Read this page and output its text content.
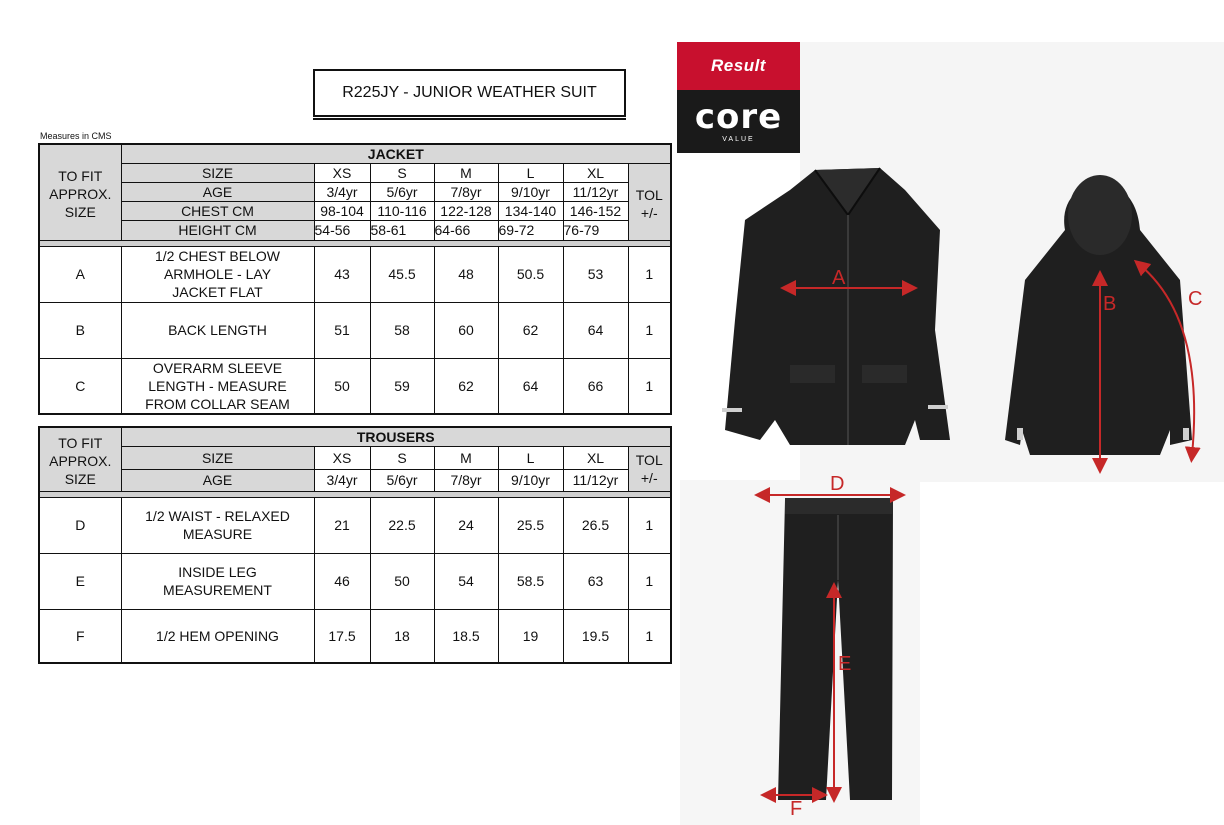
R225JY - JUNIOR WEATHER SUIT
Measures in CMS
TO FIT
APPROX.
SIZE	JACKET						
	SIZE	XS	S	M	L	XL	TOL
+/-

	AGE	3/4yr	5/6yr	7/8yr	9/10yr	11/12yr	
	CHEST CM	98-104	110-116	122-128	134-140	146-152	
	HEIGHT CM	54-56	58-61	64-66	69-72	76-79	

A	1/2 CHEST BELOW ARMHOLE - LAY JACKET FLAT	43	45.5	48	50.5	53	1
B	BACK LENGTH	51	58	60	62	64	1
C	OVERARM SLEEVE LENGTH - MEASURE FROM COLLAR SEAM	50	59	62	64	66	1
TO FIT
APPROX.
SIZE	TROUSERS						
	SIZE	XS	S	M	L	XL	TOL
+/-

	AGE	3/4yr	5/6yr	7/8yr	9/10yr	11/12yr	

D	1/2 WAIST - RELAXED MEASURE	21	22.5	24	25.5	26.5	1
E	INSIDE LEG MEASUREMENT	46	50	54	58.5	63	1
F	1/2 HEM OPENING	17.5	18	18.5	19	19.5	1
Result
core
VALUE
A
B	C
D
E
F
